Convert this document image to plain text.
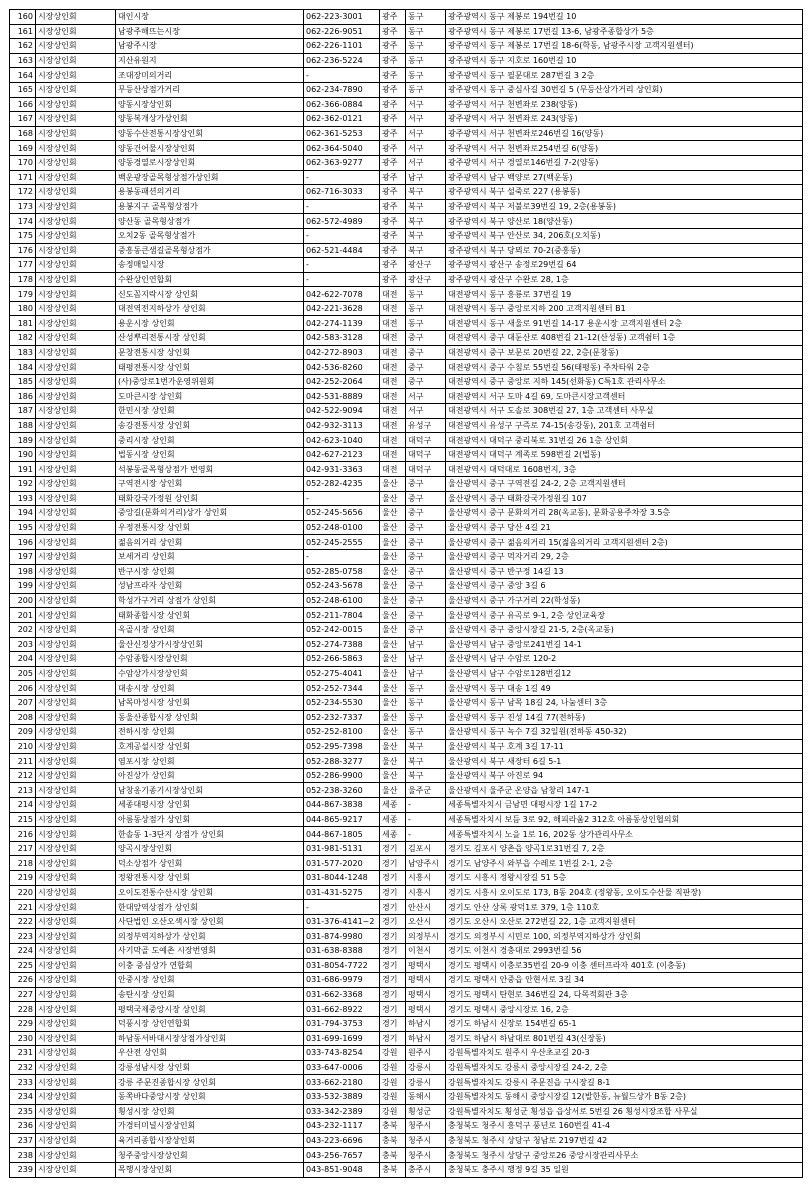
160	시장상인회	대인시장	062-223-3001	광주	동구	광주광역시 동구 제봉로 194번길 10
161	시장상인회	남광주해뜨는시장	062-226-9051	광주	동구	광주광역시 동구 제봉로 17번길 13-6, 남광주종합상가 5층
162	시장상인회	남광주시장	062-226-1101	광주	동구	광주광역시 동구 제봉로 17번길 18-6(학동, 남광주시장 고객지원센터)
163	시장상인회	지산유원지	062-236-5224	광주	동구	광주광역시 동구 지호로 160번길 10
164	시장상인회	조대장미의거리	-	광주	동구	광주광역시 동구 필문대로 287번길 3 2층
165	시장상인회	무등산상점가거리	062-234-7890	광주	동구	광주광역시 동구 중심사길 30번길 5 (무등산상가거리 상인회)
166	시장상인회	양동시장상인회	062-366-0884	광주	서구	광주광역시 서구 천변좌로 238(양동)
167	시장상인회	양동복개상가상인회	062-362-0121	광주	서구	광주광역시 서구 천변좌로 243(양동)
168	시장상인회	양동수산전통시장상인회	062-361-5253	광주	서구	광주광역시 서구 천변좌로246번길 16(양동)
169	시장상인회	양동건어물시장상인회	062-364-5040	광주	서구	광주광역시 서구 천변좌로254번길 6(양동)
170	시장상인회	양동경열로시장상인회	062-363-9277	광주	서구	광주광역시 서구 경열로146번길 7-2(양동)
171	시장상인회	백운광장골목형상점가상인회	-	광주	남구	광주광역시 남구 백양로 27(백운동)
172	시장상인회	용봉동패션의거리	062-716-3033	광주	북구	광주광역시 북구 설죽로 227 (용봉동)
173	시장상인회	용봉지구 골목형상점가	-	광주	북구	광주광역시 북구 저불로39번길 19, 2층(용봉동)
174	시장상인회	양산동 골목형상점가	062-572-4989	광주	북구	광주광역시 북구 양산로 18(양산동)
175	시장상인회	오치2동 골목형상점가	-	광주	북구	광주광역시 북구 안산로 34, 206호(오치동)
176	시장상인회	중흥동큰샘길골목형상점가	062-521-4484	광주	북구	광주광역시 북구 당뫼로 70-2(중흥동)
177	시장상인회	송정매일시장	-	광주	광산구	광주광역시 광산구 송정로29번길 64
178	시장상인회	수완상인연합회	-	광주	광산구	광주광역시 광산구 수완로 28, 1층
179	시장상인회	신도꼼지락시장 상인회	042-622-7078	대전	동구	대전광역시 동구 흥룡로 37번길 19
180	시장상인회	대전역전지하상가 상인회	042-221-3628	대전	동구	대전광역시 동구 중앙로지하 200 고객지원센터 B1
181	시장상인회	용운시장 상인회	042-274-1139	대전	동구	대전광역시 동구 새울로 91번길 14-17 용운시장 고객지원센터 2층
182	시장상인회	산성뿌리전통시장 상인회	042-583-3128	대전	중구	대전광역시 중구 대둔산로 408번길 21-12(산성동) 고객쉼터 1층
183	시장상인회	문창전통시장 상인회	042-272-8903	대전	중구	대전광역시 중구 보문로 20번길 22, 2층(문창동)
184	시장상인회	태평전통시장 상인회	042-536-8260	대전	중구	대전광역시 중구 수침로 55번길 56(태평동) 주차타워 2층
185	시장상인회	(사)중앙로1번가운영위원회	042-252-2064	대전	중구	대전광역시 중구 중앙로 지하 145(선화동) C특1호 관리사무소
186	시장상인회	도마큰시장 상인회	042-531-8889	대전	서구	대전광역시 서구 도마 4길 69, 도마큰시장고객센터
187	시장상인회	한민시장 상인회	042-522-9094	대전	서구	대전광역시 서구 도솔로 308번길 27, 1층 고객센터 사무실
188	시장상인회	송강전통시장 상인회	042-932-3113	대전	유성구	대전광역시 유성구 구즉로 74-15(송강동), 201호 고객쉼터
189	시장상인회	중리시장 상인회	042-623-1040	대전	대덕구	대전광역시 대덕구 중리북로 31번길 26 1층 상인회
190	시장상인회	법동시장 상인회	042-627-2123	대전	대덕구	대전광역시 대덕구 계족로 598번길 2(법동)
191	시장상인회	석봉동골목형상점가 번영회	042-931-3363	대전	대덕구	대전광역시 대덕대로 1608번지, 3층
192	시장상인회	구역전시장 상인회	052-282-4235	울산	중구	울산광역시 중구 구역전길 24-2, 2층 고객지원센터
193	시장상인회	태화강국가정원 상인회	-	울산	중구	울산광역시 중구 태화강국가정원길 107
194	시장상인회	중앙길(문화의거리)상가 상인회	052-245-5656	울산	중구	울산광역시 중구 문화의거리 28(옥교동), 문화공용주차장 3.5층
195	시장상인회	우정전통시장 상인회	052-248-0100	울산	중구	울산광역시 중구 당산 4길 21
196	시장상인회	젊음의거리 상인회	052-245-2555	울산	중구	울산광역시 중구 젊음의거리 15(젊음의거리 고객지원센터 2층)
197	시장상인회	보세거리 상인회	-	울산	중구	울산광역시 중구 먹자거리 29, 2층
198	시장상인회	반구시장 상인회	052-285-0758	울산	중구	울산광역시 중구 반구정 14길 13
199	시장상인회	성남프라자 상인회	052-243-5678	울산	중구	울산광역시 중구 중앙 3길 6
200	시장상인회	학성가구거리 상점가 상인회	052-248-6100	울산	중구	울산광역시 중구 가구거리 22(학성동)
201	시장상인회	태화종합시장 상인회	052-211-7804	울산	중구	울산광역시 중구 유곡로 9-1, 2층 상인교육장
202	시장상인회	옥골시장 상인회	052-242-0015	울산	중구	울산광역시 중구 중앙시장길 21-5, 2층(옥교동)
203	시장상인회	울산신정상가시장상인회	052-274-7388	울산	남구	울산광역시 남구 중앙로241번길 14-1
204	시장상인회	수암종합시장상인회	052-266-5863	울산	남구	울산광역시 남구 수암로 120-2
205	시장상인회	수암상가시장상인회	052-275-4041	울산	남구	울산광역시 남구 수암로128번길12
206	시장상인회	대송시장 상인회	052-252-7344	울산	동구	울산광역시 동구 대송 1길 49
207	시장상인회	남목마성시장 상인회	052-234-5530	울산	동구	울산광역시 동구 남목 18길 24, 나눔센터 3층
208	시장상인회	동울산종합시장 상인회	052-232-7337	울산	동구	울산광역시 동구 진성 14길 77(전하동)
209	시장상인회	전하시장 상인회	052-252-8100	울산	동구	울산광역시 동구 녹수 7길 32일원(전하동 450-32)
210	시장상인회	호계공설시장 상인회	052-295-7398	울산	북구	울산광역시 북구 호계 3길 17-11
211	시장상인회	염포시장 상인회	052-288-3277	울산	북구	울산광역시 북구 새장터 6길 5-1
212	시장상인회	아진상가 상인회	052-286-9900	울산	북구	울산광역시 북구 아진로 94
213	시장상인회	남창옹기종기시장상인회	052-238-3260	울산	울주군	울산광역시 울주군 온양읍 남창리 147-1
214	시장상인회	세종대평시장 상인회	044-867-3838	세종	-	세종특별자치시 금남면 대평시장 1길 17-2
215	시장상인회	아름동상점가 상인회	044-865-9217	세종	-	세종특별자치시 보듬 3로 92, 해피라움2 312호 아름동상인협의회
216	시장상인회	한솔동 1-3단지 상점가 상인회	044-867-1805	세종	-	세종특별자치시 노을 1로 16, 202동 상가관리사무소
217	시장상인회	양곡시장상인회	031-981-5131	경기	김포시	경기도 김포시 양촌읍 양곡1로31번길 7, 2층
218	시장상인회	덕소상점가 상인회	031-577-2020	경기	남양주시	경기도 남양주시 와부읍 수레로 1번길 2-1, 2층
219	시장상인회	정왕전통시장 상인회	031-8044-1248	경기	시흥시	경기도 시흥시 정왕시장길 51 5층
220	시장상인회	오이도전통수산시장 상인회	031-431-5275	경기	시흥시	경기도 시흥시 오이도로 173, B동 204호 (정왕동, 오이도수산물 직판장)
221	시장상인회	한대앞역상점가 상인회	-	경기	안산시	경기도 안산 상록 광덕1로 379, 1층 110호
222	시장상인회	사단법인 오산오색시장 상인회	031-376-4141~2	경기	오산시	경기도 오산시 오산로 272번길 22, 1층 고객지원센터
223	시장상인회	의정부역지하상가 상인회	031-874-9980	경기	의정부시	경기도 의정부시 시민로 100, 의정부역지하상가 상인회
224	시장상인회	사기막골 도예촌 시장번영회	031-638-8388	경기	이천시	경기도 이천시 경충대로 2993번길 56
225	시장상인회	이충 중심상가 연합회	031-8054-7722	경기	평택시	경기도 평택시 이충로35번길 20-9 이충 센터프라자 401호 (이충동)
226	시장상인회	안중시장 상인회	031-686-9979	경기	평택시	경기도 평택시 안중읍 안현서로 3길 34
227	시장상인회	송탄시장 상인회	031-662-3368	경기	평택시	경기도 평택시 탄현로 346번길 24, 다목적회관 3층
228	시장상인회	평택국제중앙시장 상인회	031-662-8922	경기	평택시	경기도 평택시 중앙시장로 16, 2층
229	시장상인회	덕풍시장 상인연합회	031-794-3753	경기	하남시	경기도 하남시 신장로 154번길 65-1
230	시장상인회	하남동서바대시장상점가상인회	031-699-1699	경기	하남시	경기도 하남시 하남대로 801번길 43(신장동)
231	시장상인회	우산전 상인회	033-743-8254	강원	원주시	강원특별자치도 원주시 우산초교길 20-3
232	시장상인회	강릉성남시장 상인회	033-647-0006	강원	강릉시	강원특별자치도 강릉시 중앙시장길 24-2, 2층
233	시장상인회	강릉 주문진종합시장 상인회	033-662-2180	강원	강릉시	강원특별자치도 강릉시 주문진읍 구시장길 8-1
234	시장상인회	동쪽바다중앙시장 상인회	033-532-3889	강원	동해시	강원특별자치도 동해시 중앙시장길 12(발한동, 뉴월드상가 B동 2층)
235	시장상인회	횡성시장 상인회	033-342-2389	강원	횡성군	강원특별자치도 횡성군 횡성읍 읍상서로 5번길 26 횡성시장조합 사무실
236	시장상인회	가경터미널시장상인회	043-232-1117	충북	청주시	충청북도 청주시 흥덕구 풍년로 160번길 41-4
237	시장상인회	육거리종합시장상인회	043-223-6696	충북	청주시	충청북도 청주시 상당구 청남로 2197번길 42
238	시장상인회	청주중앙시장상인회	043-256-7657	충북	청주시	충청북도 청주시 상당구 중앙로26 중앙시장관리사무소
239	시장상인회	목행시장상인회	043-851-9048	충북	충주시	충청북도 충주시 행정 9길 35 일원
